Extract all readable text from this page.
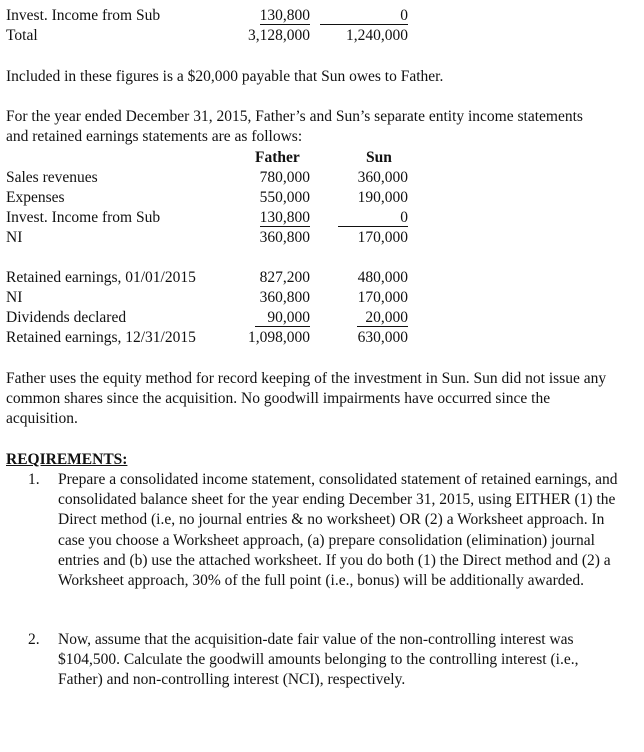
Invest. Income from Sub	130,800	0
Total	3,128,000 1,240,000

Included in these figures is a $20,000 payable that Sun owes to Father.

For the year ended December 31, 2015, Father’s and Sun’s separate entity income statements and retained earnings statements are as follows:

Father	Sun
Sales revenues	780,000	360,000
Expenses	550,000	190,000
Invest. Income from Sub	130,800	0
NI	360,800	170,000
Retained earnings, 01/01/2015	827,200	480,000
NI	360,800	170,000
Dividends declared	90,000	20,000
Retained earnings, 12/31/2015	1,098,000	630,000

Father uses the equity method for record keeping of the investment in Sun. Sun did not issue any common shares since the acquisition. No goodwill impairments have occurred since the acquisition.

REQIREMENTS:
1. Prepare a consolidated income statement, consolidated statement of retained earnings, and consolidated balance sheet for the year ending December 31, 2015, using EITHER (1) the Direct method (i.e, no journal entries & no worksheet) OR (2) a Worksheet approach. In case you choose a Worksheet approach, (a) prepare consolidation (elimination) journal entries and (b) use the attached worksheet. If you do both (1) the Direct method and (2) a Worksheet approach, 30% of the full point (i.e., bonus) will be additionally awarded.
2. Now, assume that the acquisition-date fair value of the non-controlling interest was $104,500. Calculate the goodwill amounts belonging to the controlling interest (i.e., Father) and non-controlling interest (NCI), respectively.
